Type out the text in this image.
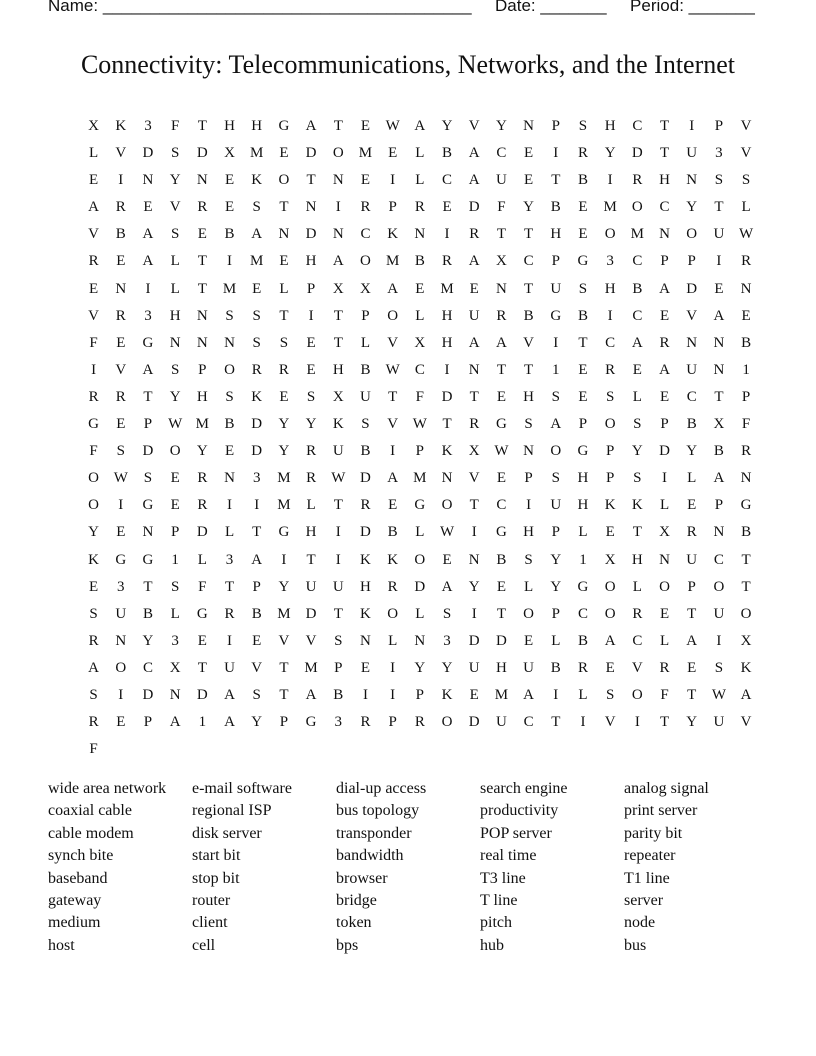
Name: _______________________________________ Date: _______ Period: _______
Connectivity: Telecommunications, Networks, and the Internet
X	K	3	F	T	H	H	G	A	T	E	W A	Y	V	Y	N	P	S	H	C	T	I	P	V
L	V	D	S	D	X	M	E	D	O	M	E	L	B	A	C	E	I	R	Y	D	T	U	3	V
E	I	N	Y	N	E	K	O	T	N	E	I	L	C	A	U	E	T	B	I	R	H	N	S	S
A	R	E	V	R	E	S	T	N	I	R	P	R	E	D	F	Y	B	E	M	O	C	Y	T	L
V	B	A	S	E	B	A	N	D	N	C	K	N	I	R	T	T	H	E	O	M	N	O	U W
R	E	A	L	T	I	M	E	H	A	O	M	B	R	A	X	C	P	G	3	C	P	P	I	R
E	N	I	L	T	M	E	L	P	X	X	A	E	M	E	N	T	U	S	H	B	A	D	E	N
V	R	3	H	N	S	S	T	I	T	P	O	L	H	U	R	B	G	B	I	C	E	V	A	E
F	E	G	N	N	N	S	S	E	T	L	V	X	H	A	A	V	I	T	C	A	R	N	N	B
I	V	A	S	P	O	R	R	E	H	B	W	C	I	N	T	T	1	E	R	E	A	U	N	1
R	R	T	Y	H	S	K	E	S	X	U	T	F	D	T	E	H	S	E	S	L	E	C	T	P
G	E	P	W M	B	D	Y	Y	K	S	V W	T	R	G	S	A	P	O	S	P	B	X	F
F	S	D	O	Y	E	D	Y	R	U	B	I	P	K	X W N	O	G	P	Y	D	Y	B	R
O W	S	E	R	N	3	M	R	W D	A	M	N	V	E	P	S	H	P	S	I	L	A	N
O	I	G	E	R	I	I	M	L	T	R	E	G	O	T	C	I	U	H	K	K	L	E	P	G
Y	E	N	P	D	L	T	G	H	I	D	B	L	W	I	G	H	P	L	E	T	X	R	N	B
K	G	G	1	L	3	A	I	T	I	K	K	O	E	N	B	S	Y	1	X	H	N	U	C	T
E	3	T	S	F	T	P	Y	U	U	H	R	D	A	Y	E	L	Y	G	O	L	O	P	O	T
S	U	B	L	G	R	B	M	D	T	K	O	L	S	I	T	O	P	C	O	R	E	T	U	O
R	N	Y	3	E	I	E	V	V	S	N	L	N	3	D	D	E	L	B	A	C	L	A	I	X
A	O	C	X	T	U	V	T	M	P	E	I	Y	Y	U	H	U	B	R	E	V	R	E	S	K
S	I	D	N	D	A	S	T	A	B	I	I	P	K	E	M	A	I	L	S	O	F	T	W A
R	E	P	A	1	A	Y	P	G	3	R	P	R	O	D	U	C	T	I	V	I	T	Y	U	V
F
wide area network	e-mail software	dial-up access	search engine	analog signal
coaxial cable	regional ISP	bus topology	productivity	print server
cable modem	disk server	transponder	POP server	parity bit
synch bite	start bit	bandwidth	real time	repeater
baseband	stop bit	browser	T3 line	T1 line
gateway	router	bridge	T line	server
medium	client	token	pitch	node
host	cell	bps	hub	bus
